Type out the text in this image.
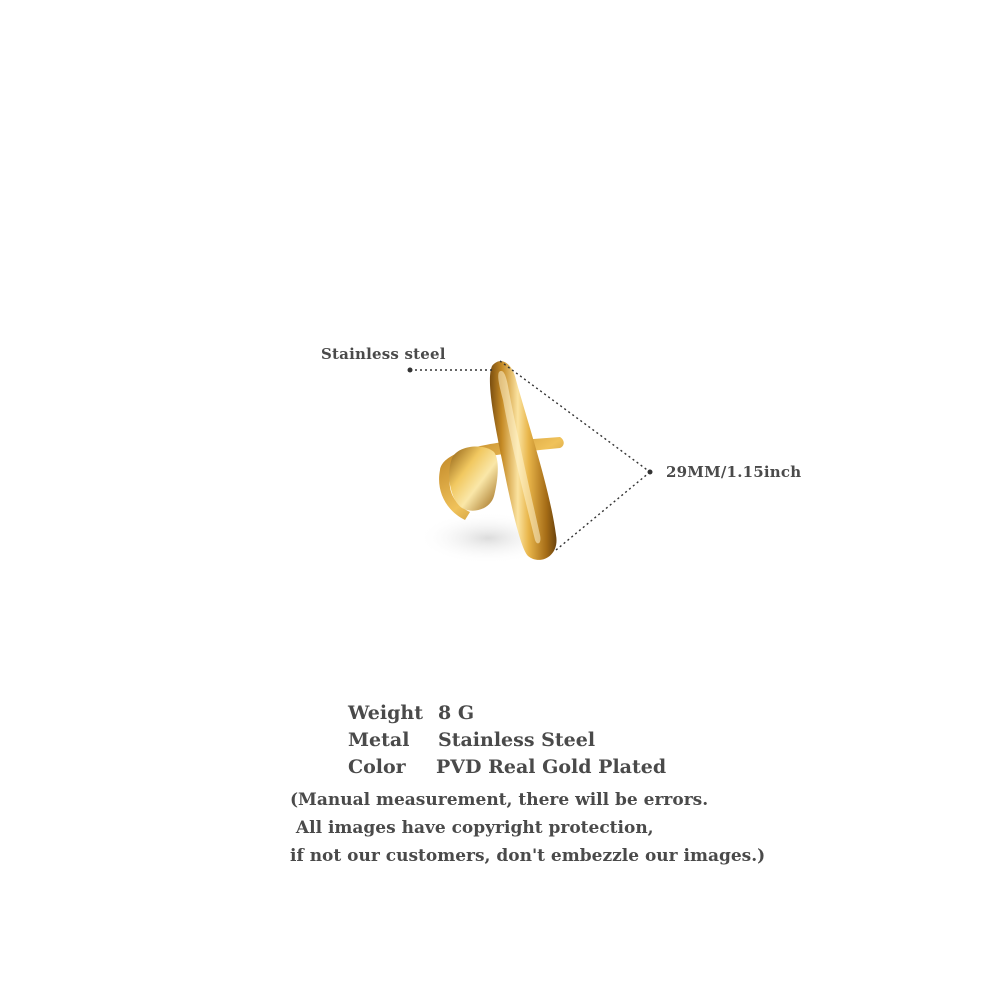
Stainless steel
29MM/1.15inch
Weight 8 G
Metal	Stainless Steel
Color	PVD Real Gold Plated
(Manual measurement, there will be errors.
All images have copyright protection,
if not our customers, don't embezzle our images.)
